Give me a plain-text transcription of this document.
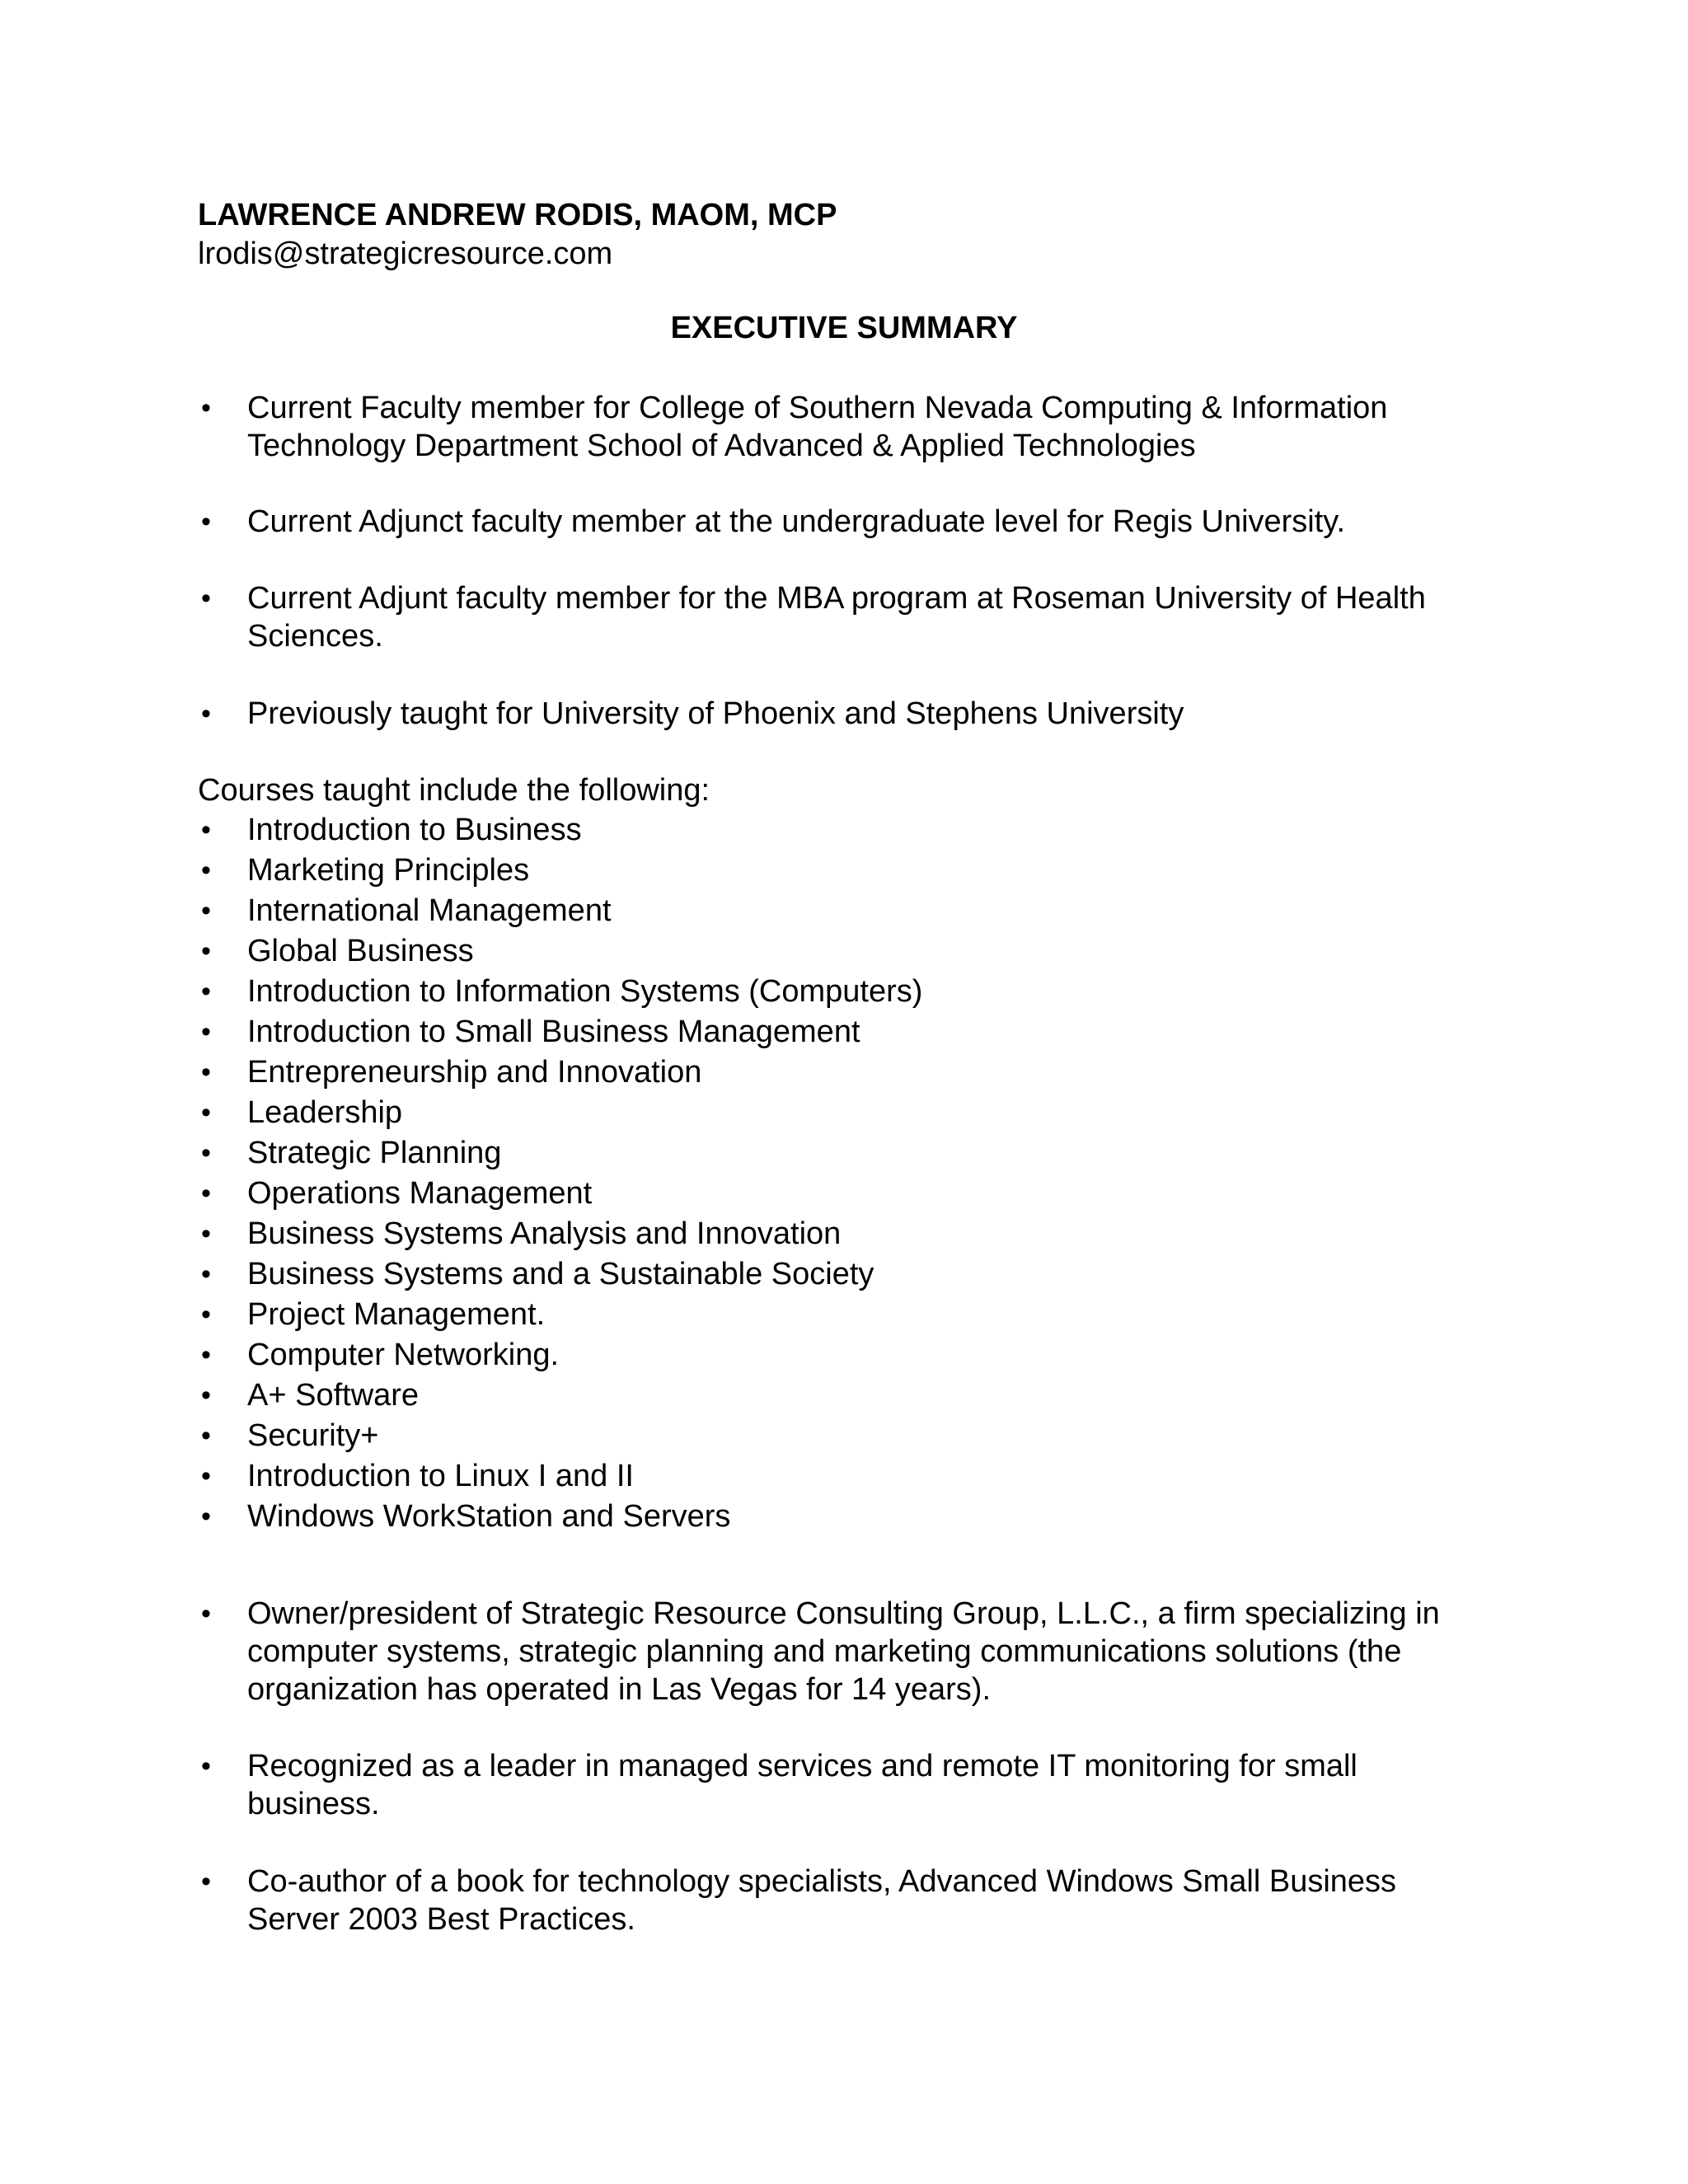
LAWRENCE ANDREW RODIS, MAOM, MCP
lrodis@strategicresource.com
EXECUTIVE SUMMARY
•	Current Faculty member for College of Southern Nevada Computing & Information Technology Department School of Advanced & Applied Technologies
•	Current Adjunct faculty member at the undergraduate level for Regis University.
•	Current Adjunt faculty member for the MBA program at Roseman University of Health Sciences.
•	Previously taught for University of Phoenix and Stephens University
Courses taught include the following:
• Introduction to Business
• Marketing Principles
• International Management
• Global Business
• Introduction to Information Systems (Computers)
• Introduction to Small Business Management
• Entrepreneurship and Innovation
• Leadership
• Strategic Planning
• Operations Management
• Business Systems Analysis and Innovation
• Business Systems and a Sustainable Society
• Project Management.
• Computer Networking.
• A+ Software
• Security+
• Introduction to Linux I and II
• Windows WorkStation and Servers
•	Owner/president of Strategic Resource Consulting Group, L.L.C., a firm specializing in computer systems, strategic planning and marketing communications solutions (the organization has operated in Las Vegas for 14 years).
•	Recognized as a leader in managed services and remote IT monitoring for small business.
•	Co-author of a book for technology specialists, Advanced Windows Small Business Server 2003 Best Practices.
